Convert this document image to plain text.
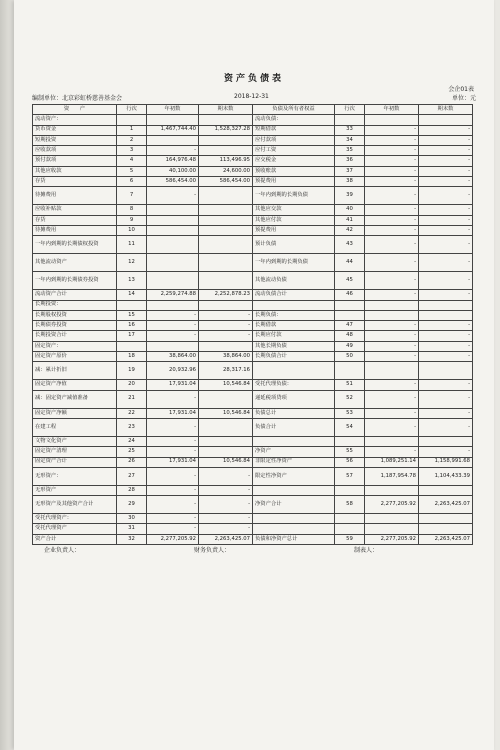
资产负债表
会企01表
编制单位：北京彩虹桥慈善基金会	2018-12-31	单位：元
资　　产	行次	年初数	期末数	负债及所有者权益	行次	年初数	期末数
流动资产：				流动负债：			
货币资金	1	1,467,744.40	1,528,327.28	短期借款	33	-	-
短期投资	2			应付款项	34	-	-
应收款项	3	-		应付工资	35	-	-
预付款项	4	164,976.48	113,496.95	应交税金	36	-	-
其他应收款	5	40,100.00	24,600.00	预收账款	37	-	-
存货	6	586,454.00	586,454.00	预提费用	38	-	-
待摊费用	7	-		一年内到期的长期负债	39	-	-
应收补贴款	8			其他应交款	40	-	-
存货	9			其他应付款	41	-	-
待摊费用	10			预提费用	42	-	-
一年内到期的长期债权投资	11			预计负债	43	-	-
其他流动资产	12			一年内到期的长期负债	44	-	-
一年内到期的长期债券投资	13			其他流动负债	45	-	-
流动资产合计	14	2,259,274.88	2,252,878.23	流动负债合计	46	-	-
长期投资：							
长期股权投资	15	-	-	长期负债：			
长期债券投资	16	-	-	长期借款	47	-	-
长期投资合计	17	-	-	长期应付款	48	-	-
固定资产：				其他长期负债	49	-	-
固定资产原价	18	38,864.00	38,864.00	长期负债合计	50	-	-
减：累计折旧	19	20,932.96	28,317.16				
固定资产净值	20	17,931.04	10,546.84	受托代理负债：	51	-	-
减：固定资产减值准备	21	-		递延税项贷项	52	-	-
固定资产净额	22	17,931.04	10,546.84	负债总计	53	-	-
在建工程	23	-		负债合计	54	-	-
文物文化资产	24	-					
固定资产清理	25	-		净资产	55	-	-
固定资产合计	26	17,931.04	10,546.84	非限定性净资产	56	1,089,251.14	1,158,991.68
无形资产：	27	-	-	限定性净资产	57	1,187,954.78	1,104,433.39
无形资产	28	-	-				
无形资产及其他资产合计	29	-	-	净资产合计	58	2,277,205.92	2,263,425.07
受托代理资产：	30	-	-				
受托代理资产	31	-	-				
资产合计	32	2,277,205.92	2,263,425.07	负债和净资产总计	59	2,277,205.92	2,263,425.07
企业负责人：	财务负责人：	制表人：
